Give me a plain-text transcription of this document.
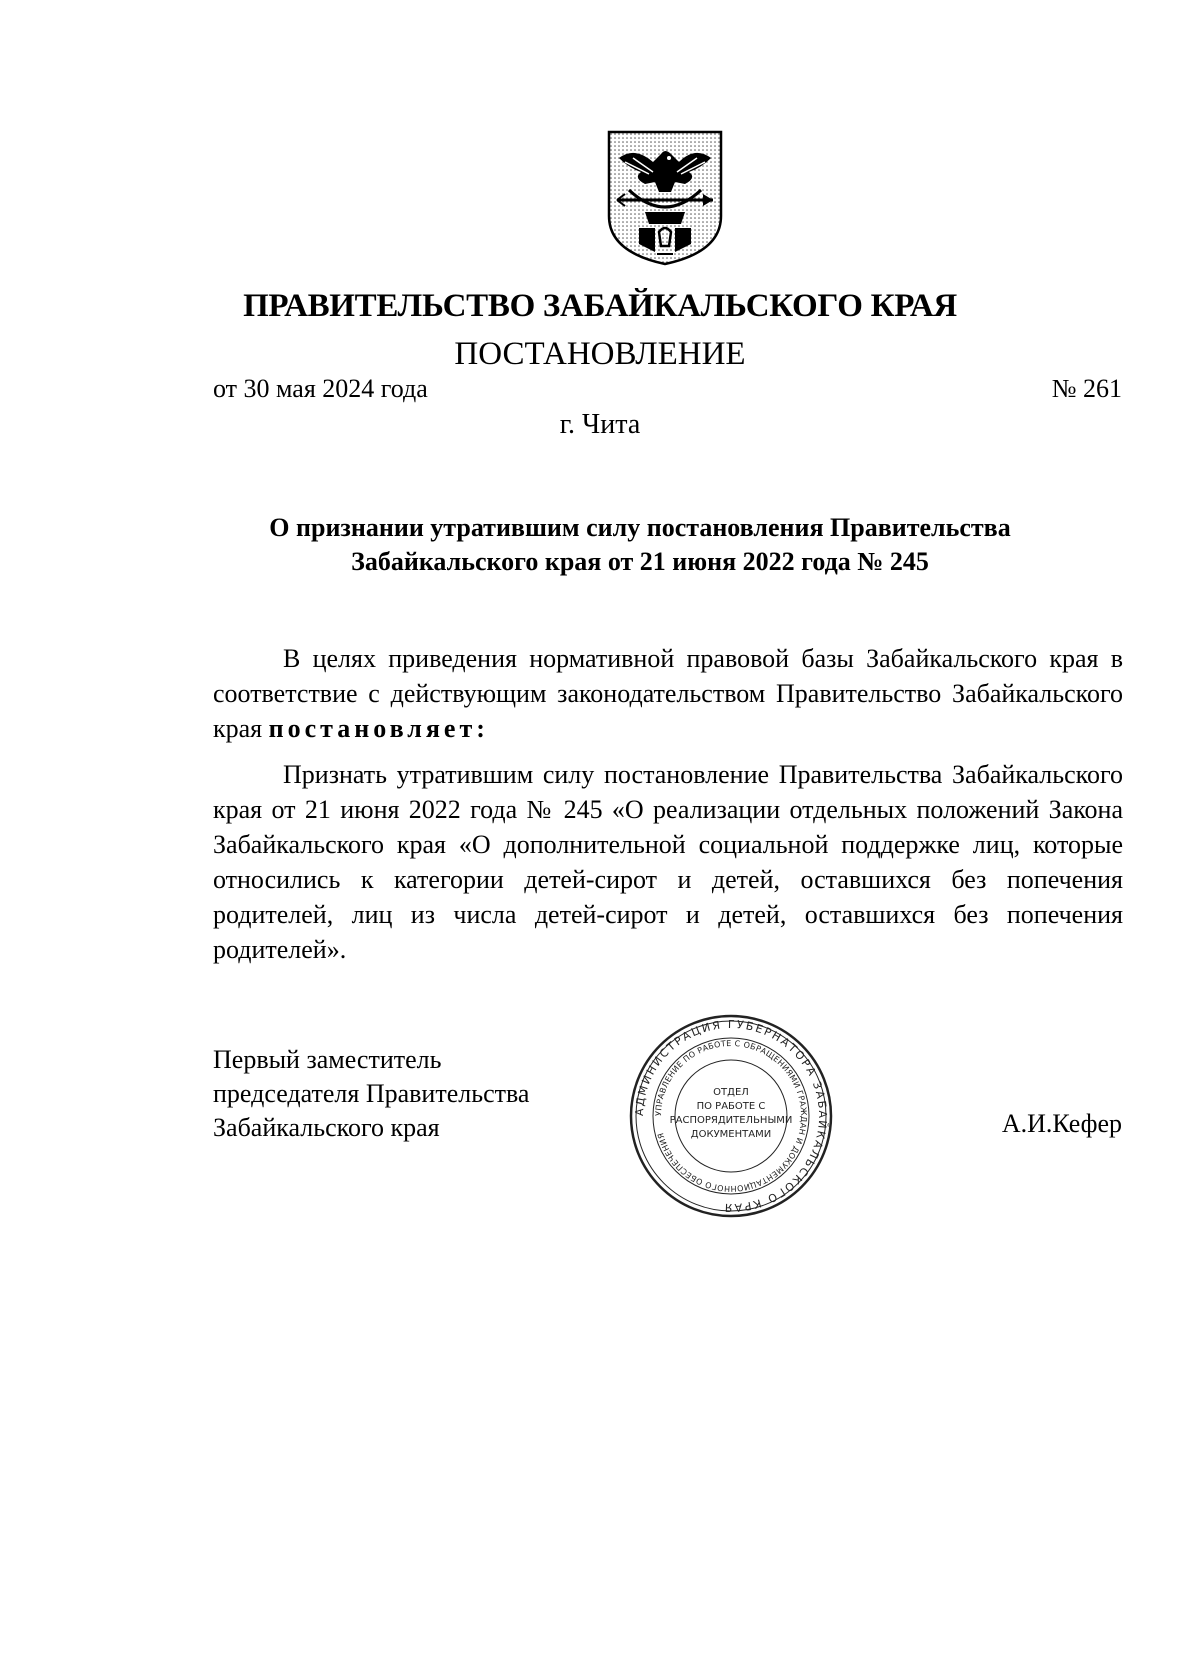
ПРАВИТЕЛЬСТВО ЗАБАЙКАЛЬСКОГО КРАЯ
ПОСТАНОВЛЕНИЕ
от 30 мая 2024 года	№ 261
г. Чита
О признании утратившим силу постановления Правительства
Забайкальского края от 21 июня 2022 года № 245
В целях приведения нормативной правовой базы Забайкальского края в соответствие с действующим законодательством Правительство Забайкальского края постановляет:
Признать утратившим силу постановление Правительства Забайкальского края от 21 июня 2022 года № 245 «О реализации отдельных положений Закона Забайкальского края «О дополнительной социальной поддержке лиц, которые относились к категории детей-сирот и детей, оставшихся без попечения родителей, лиц из числа детей-сирот и детей, оставшихся без попечения родителей».
Первый заместитель
председателя Правительства
Забайкальского края	А.И.Кефер
АДМИНИСТРАЦИЯ ГУБЕРНАТОРА ЗАБАЙКАЛЬСКОГО КРАЯ
УПРАВЛЕНИЕ ПО РАБОТЕ С ОБРАЩЕНИЯМИ ГРАЖДАН И ДОКУМЕНТАЦИОННОГО ОБЕСПЕЧЕНИЯ
ОТДЕЛ
ПО РАБОТЕ С
РАСПОРЯДИТЕЛЬНЫМИ
ДОКУМЕНТАМИ
